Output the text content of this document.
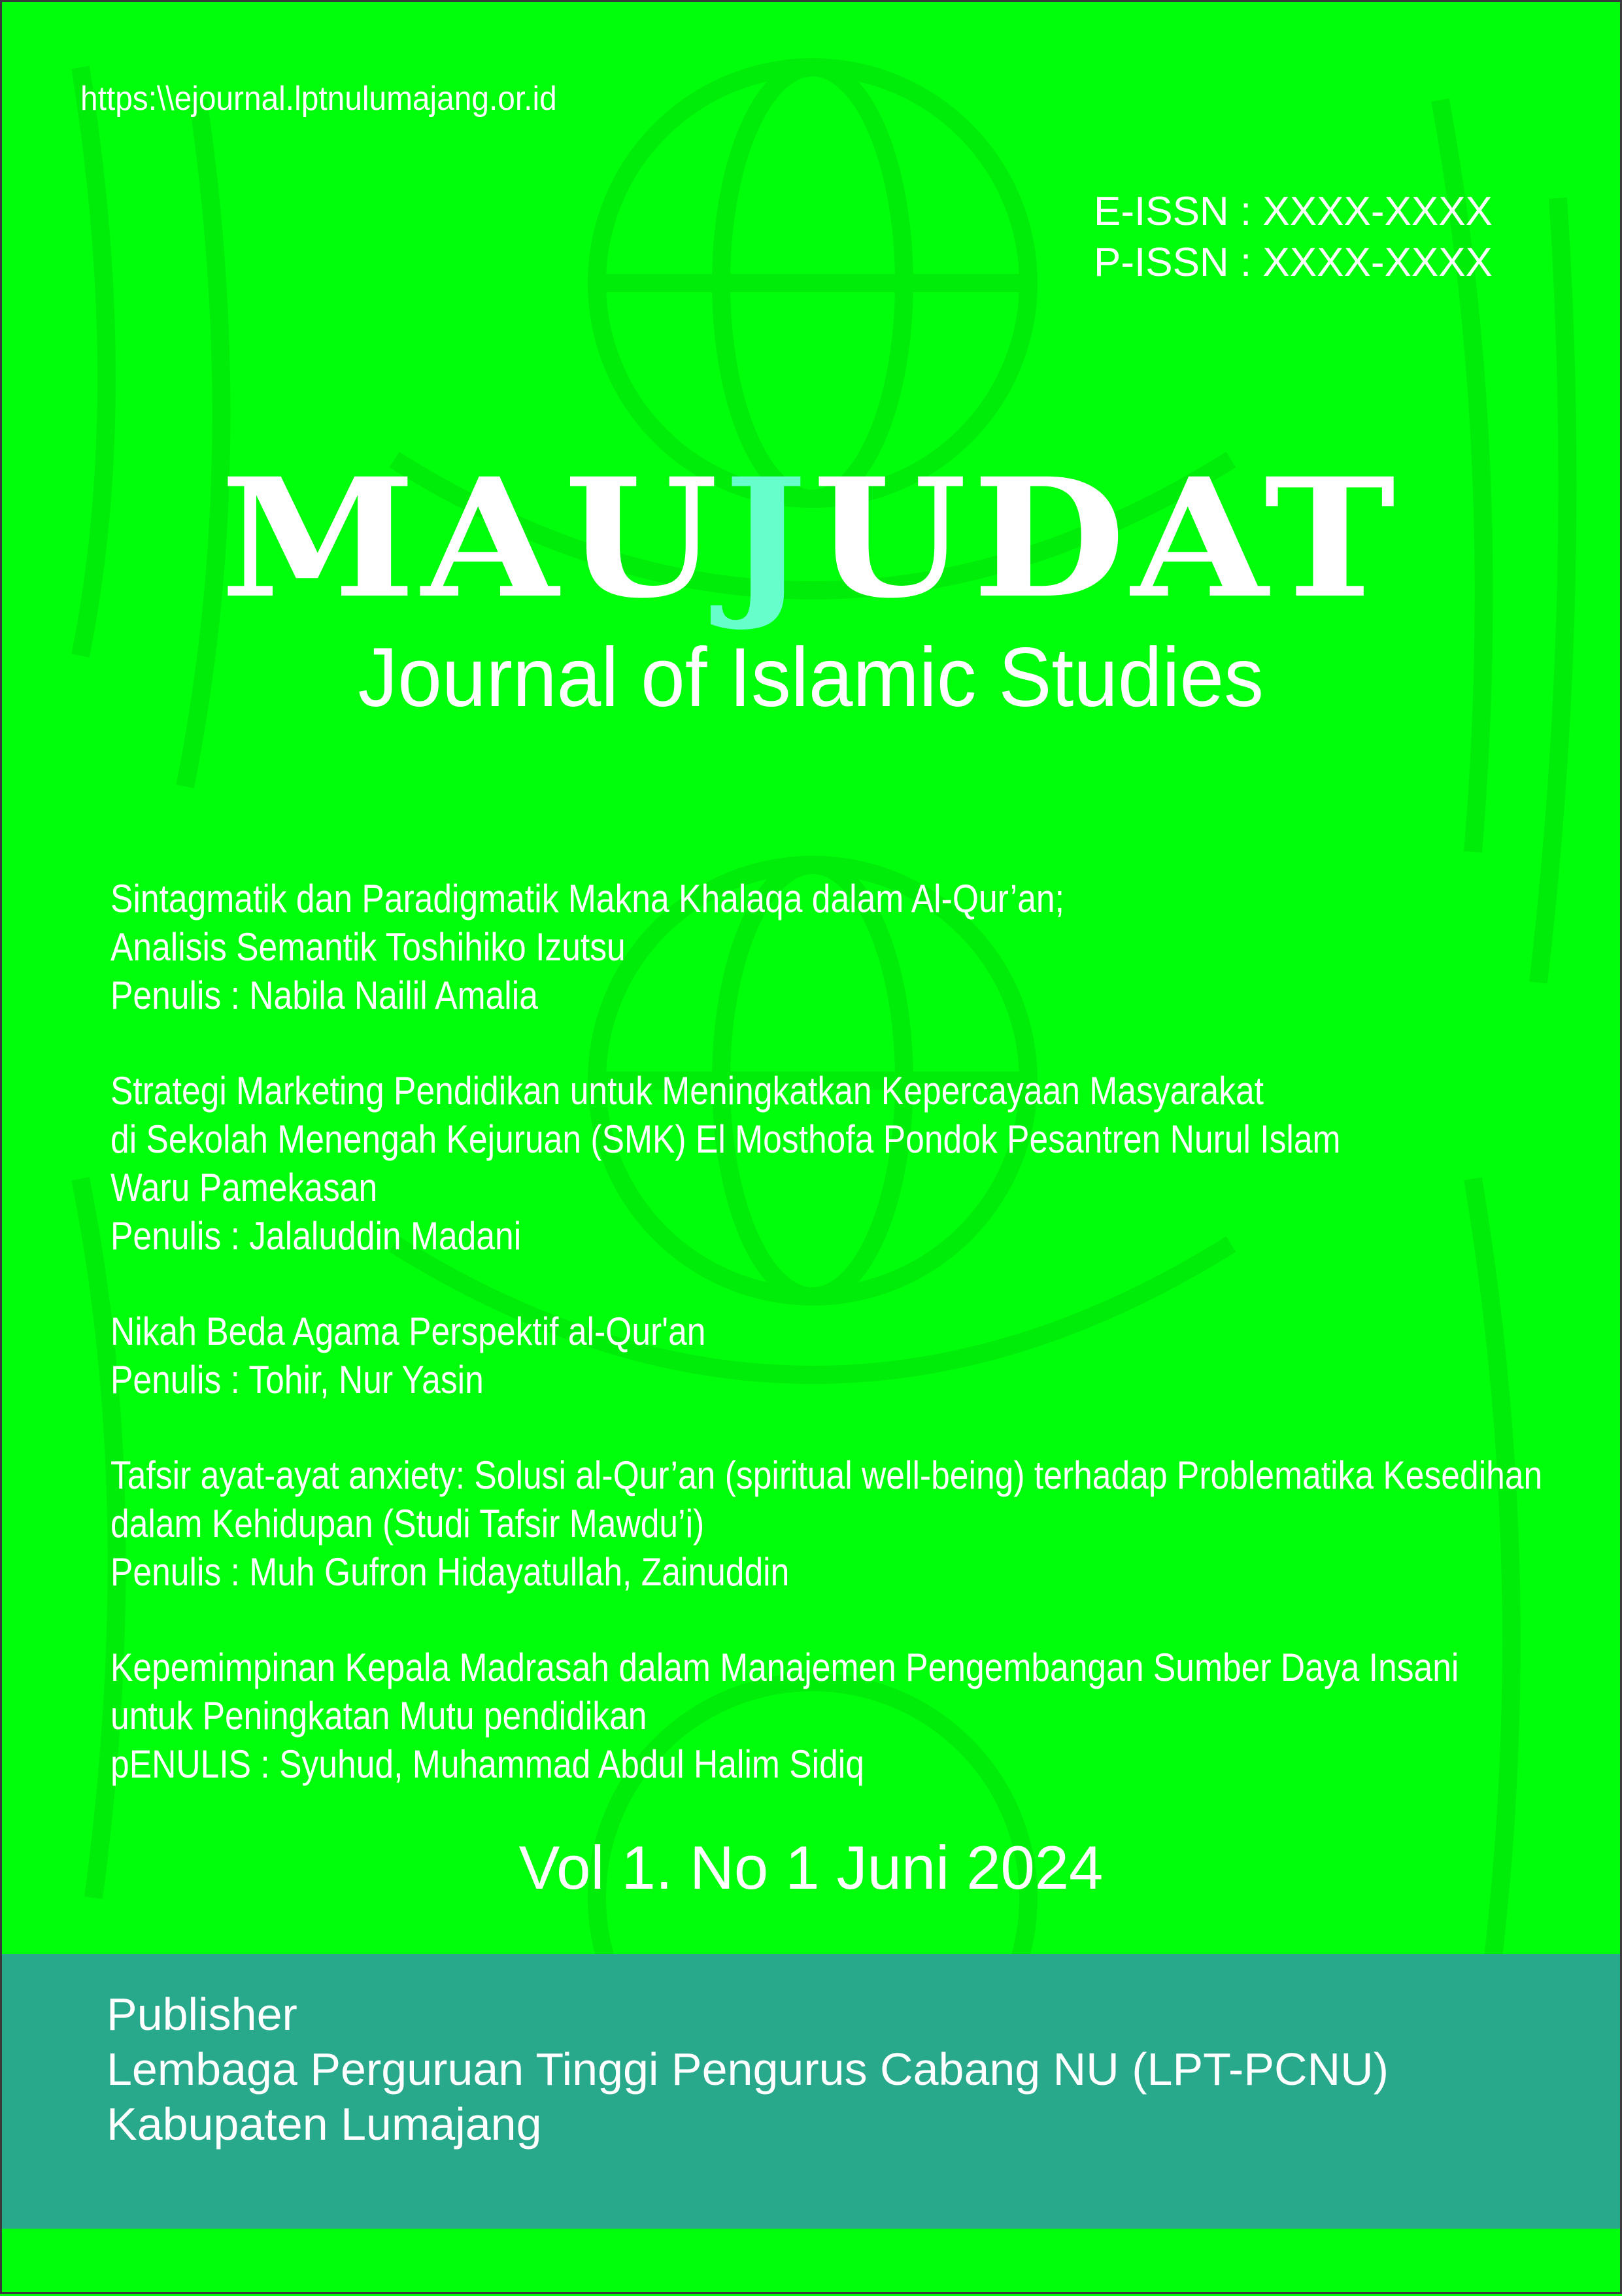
https:\\ejournal.lptnulumajang.or.id
E-ISSN : XXXX-XXXX
P-ISSN : XXXX-XXXX
MAUJUDAT
Journal of Islamic Studies
Sintagmatik dan Paradigmatik Makna Khalaqa dalam Al-Qur’an;
Analisis Semantik Toshihiko Izutsu
Penulis : Nabila Nailil Amalia
Strategi Marketing Pendidikan untuk Meningkatkan Kepercayaan Masyarakat
di Sekolah Menengah Kejuruan (SMK) El Mosthofa Pondok Pesantren Nurul Islam
Waru Pamekasan
Penulis : Jalaluddin Madani
Nikah Beda Agama Perspektif al-Qur'an
Penulis : Tohir, Nur Yasin
Tafsir ayat-ayat anxiety: Solusi al-Qur’an (spiritual well-being) terhadap Problematika Kesedihan
dalam Kehidupan (Studi Tafsir Mawdu’i)
Penulis : Muh Gufron Hidayatullah, Zainuddin
Kepemimpinan Kepala Madrasah dalam Manajemen Pengembangan Sumber Daya Insani
untuk Peningkatan Mutu pendidikan
pENULIS : Syuhud, Muhammad Abdul Halim Sidiq
Vol 1. No 1 Juni 2024
Publisher
Lembaga Perguruan Tinggi Pengurus Cabang NU (LPT-PCNU)
Kabupaten Lumajang
